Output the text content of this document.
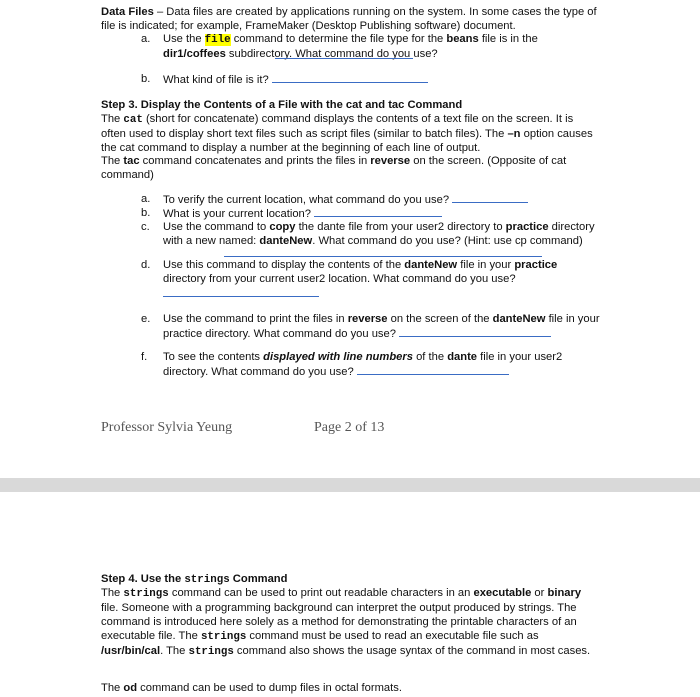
Data Files – Data files are created by applications running on the system. In some cases the type of file is indicated; for example, FrameMaker (Desktop Publishing software) document.

a.	Use the file command to determine the file type for the beans file is in the dir1/coffees subdirectory. What command do you use?
b.	What kind of file is it?

Step 3. Display the Contents of a File with the cat and tac Command

The cat (short for concatenate) command displays the contents of a text file on the screen. It is often used to display short text files such as script files (similar to batch files). The –n option causes the cat command to display a number at the beginning of each line of output.

The tac command concatenates and prints the files in reverse on the screen. (Opposite of cat command)

a.	To verify the current location, what command do you use?
b.	What is your current location?
c.	Use the command to copy the dante file from your user2 directory to practice directory with a new named: danteNew. What command do you use? (Hint: use cp command)
d.	Use this command to display the contents of the danteNew file in your practice directory from your current user2 location. What command do you use?
e.	Use the command to print the files in reverse on the screen of the danteNew file in your practice directory. What command do you use?
f.	To see the contents displayed with line numbers of the dante file in your user2 directory. What command do you use?
Professor Sylvia Yeung	Page 2 of 13

Step 4. Use the strings Command

The strings command can be used to print out readable characters in an executable or binary file. Someone with a programming background can interpret the output produced by strings. The command is introduced here solely as a method for demonstrating the printable characters of an executable file. The strings command must be used to read an executable file such as /usr/bin/cal. The strings command also shows the usage syntax of the command in most cases.

The od command can be used to dump files in octal formats.
